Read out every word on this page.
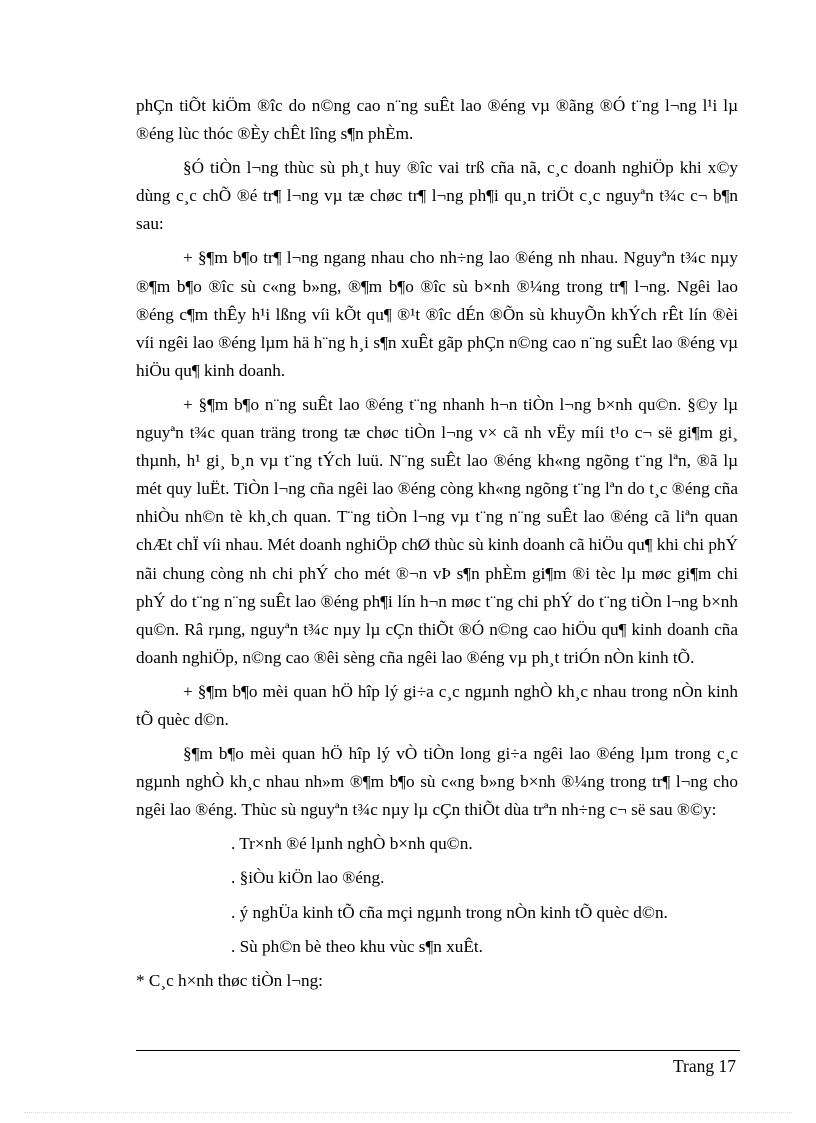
phÇn tiÕt kiÖm ®îc do n©ng cao n¨ng suÊt lao ®éng vµ ®ãng ®Ó t¨ng l¬ng l¹i lµ ®éng lùc thóc ®Èy chÊt lîng s¶n phÈm.

§Ó tiÒn l¬ng thùc sù ph¸t huy ®îc vai trß cña nã, c¸c doanh nghiÖp khi x©y dùng c¸c chÕ ®é tr¶ l¬ng vµ tæ chøc tr¶ l¬ng ph¶i qu¸n triÖt c¸c nguyªn t¾c c¬ b¶n sau:

+ §¶m b¶o tr¶ l¬ng ngang nhau cho nh÷ng lao ®éng nh nhau. Nguyªn t¾c nµy ®¶m b¶o ®îc sù c«ng b»ng, ®¶m b¶o ®îc sù b×nh ®¼ng trong tr¶ l¬ng. Ngêi lao ®éng c¶m thÊy h¹i lßng víi kÕt qu¶ ®¹t ®îc dÉn ®Õn sù khuyÕn khÝch rÊt lín ®èi víi ngêi lao ®éng lµm hä h¨ng h¸i s¶n xuÊt gãp phÇn n©ng cao n¨ng suÊt lao ®éng vµ hiÖu qu¶ kinh doanh.

+ §¶m b¶o n¨ng suÊt lao ®éng t¨ng nhanh h¬n tiÒn l¬ng b×nh qu©n. §©y lµ nguyªn t¾c quan träng trong tæ chøc tiÒn l¬ng v× cã nh vËy míi t¹o c¬ së gi¶m gi¸ thµnh, h¹ gi¸ b¸n vµ t¨ng tÝch luü. N¨ng suÊt lao ®éng kh«ng ngõng t¨ng lªn, ®ã lµ mét quy luËt. TiÒn l¬ng cña ngêi lao ®éng còng kh«ng ngõng t¨ng lªn do t¸c ®éng cña nhiÒu nh©n tè kh¸ch quan. T¨ng tiÒn l¬ng vµ t¨ng n¨ng suÊt lao ®éng cã liªn quan chÆt chÏ víi nhau. Mét doanh nghiÖp chØ thùc sù kinh doanh cã hiÖu qu¶ khi chi phÝ nãi chung còng nh chi phÝ cho mét ®¬n vÞ s¶n phÈm gi¶m ®i tèc lµ møc gi¶m chi phÝ do t¨ng n¨ng suÊt lao ®éng ph¶i lín h¬n møc t¨ng chi phÝ do t¨ng tiÒn l¬ng b×nh qu©n. Râ rµng, nguyªn t¾c nµy lµ cÇn thiÕt ®Ó n©ng cao hiÖu qu¶ kinh doanh cña doanh nghiÖp, n©ng cao ®êi sèng cña ngêi lao ®éng vµ ph¸t triÓn nÒn kinh tÕ.

+ §¶m b¶o mèi quan hÖ hîp lý gi÷a c¸c ngµnh nghÒ kh¸c nhau trong nÒn kinh tÕ quèc d©n.

§¶m b¶o mèi quan hÖ hîp lý vÒ tiÒn long gi÷a ngêi lao ®éng lµm trong c¸c ngµnh nghÒ kh¸c nhau nh»m ®¶m b¶o sù c«ng b»ng b×nh ®¼ng trong tr¶ l¬ng cho ngêi lao ®éng. Thùc sù nguyªn t¾c nµy lµ cÇn thiÕt dùa trªn nh÷ng c¬ së sau ®©y:

. Tr×nh ®é lµnh nghÒ b×nh qu©n.

. §iÒu kiÖn lao ®éng.

. ý nghÜa kinh tÕ cña mçi ngµnh trong nÒn kinh tÕ quèc d©n.

. Sù ph©n bè theo khu vùc s¶n xuÊt.

* C¸c h×nh thøc tiÒn l¬ng:

Trang 17
